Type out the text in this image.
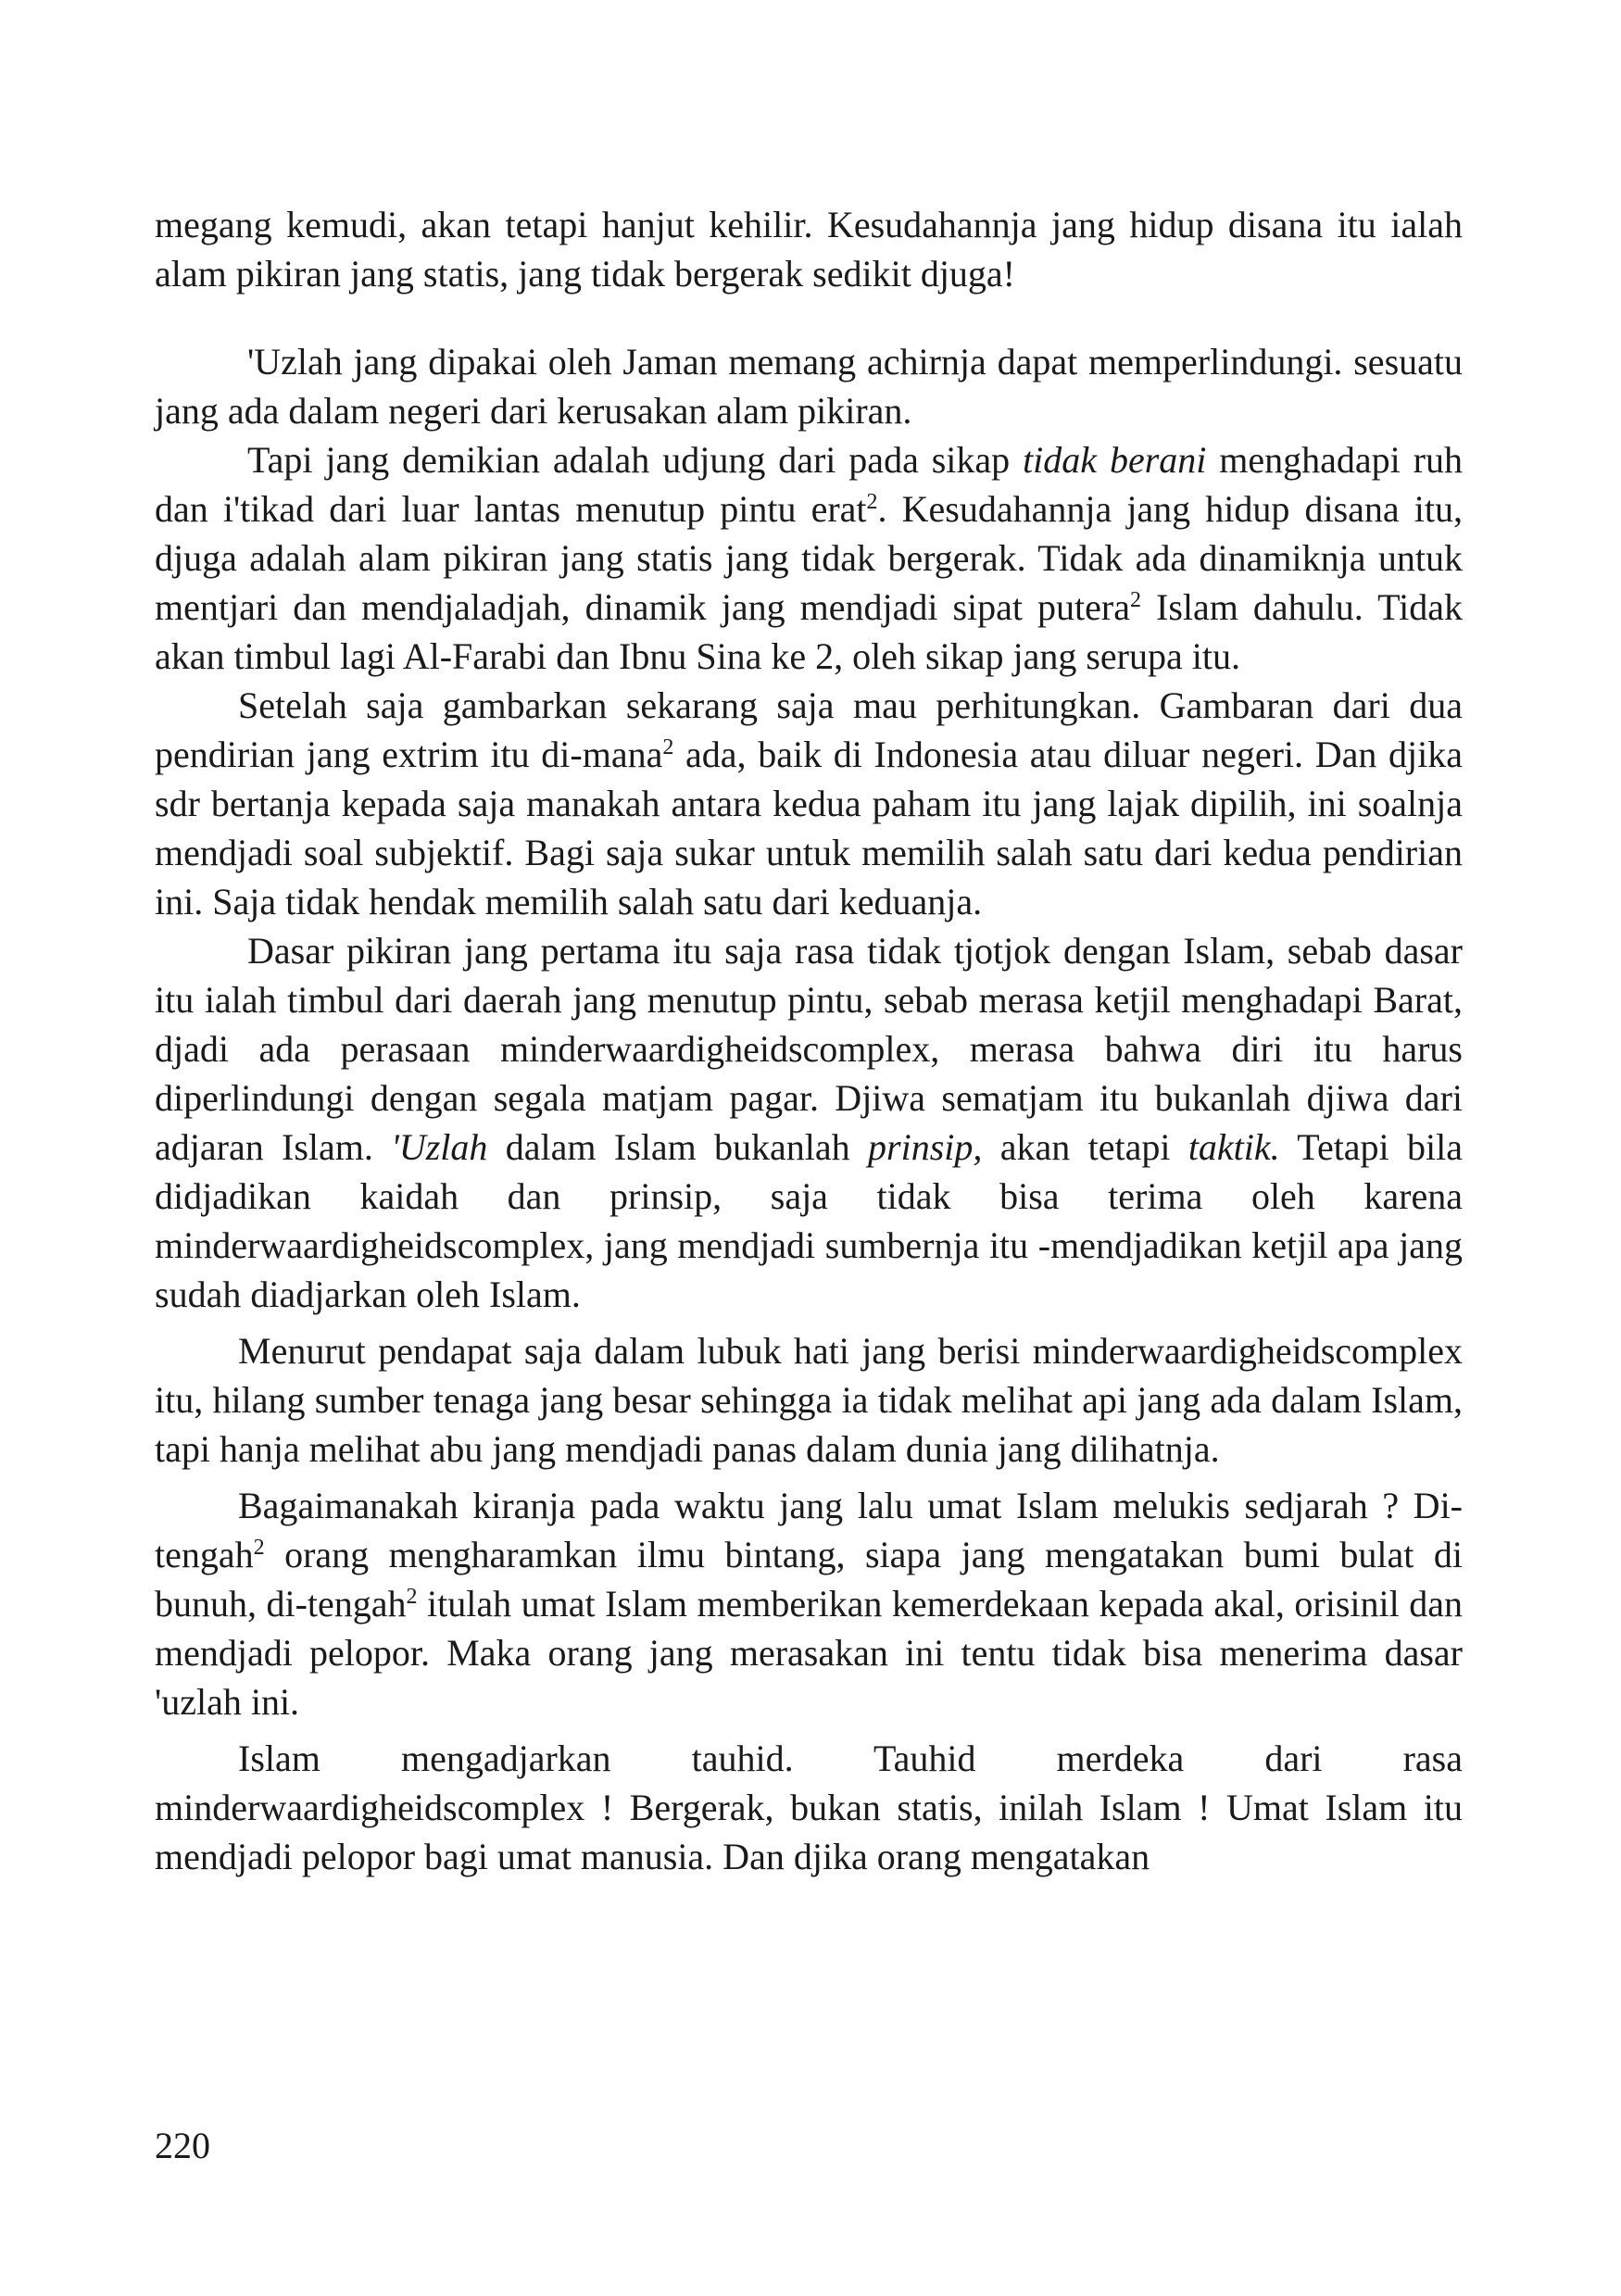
megang kemudi, akan tetapi hanjut kehilir. Kesudahannja jang hidup disana itu ialah alam pikiran jang statis, jang tidak bergerak sedikit djuga!

'Uzlah jang dipakai oleh Jaman memang achirnja dapat memperlindungi. sesuatu jang ada dalam negeri dari kerusakan alam pikiran.

Tapi jang demikian adalah udjung dari pada sikap tidak berani menghadapi ruh dan i'tikad dari luar lantas menutup pintu erat$^2$. Kesudahannja jang hidup disana itu, djuga adalah alam pikiran jang statis jang tidak bergerak. Tidak ada dinamiknja untuk mentjari dan mendjaladjah, dinamik jang mendjadi sipat putera$^2$ Islam dahulu. Tidak akan timbul lagi Al-Farabi dan Ibnu Sina ke 2, oleh sikap jang serupa itu.

Setelah saja gambarkan sekarang saja mau perhitungkan. Gambaran dari dua pendirian jang extrim itu di-mana$^2$ ada, baik di Indonesia atau diluar negeri. Dan djika sdr bertanja kepada saja manakah antara kedua paham itu jang lajak dipilih, ini soalnja mendjadi soal subjektif. Bagi saja sukar untuk memilih salah satu dari kedua pendirian ini. Saja tidak hendak memilih salah satu dari keduanja.

Dasar pikiran jang pertama itu saja rasa tidak tjotjok dengan Islam, sebab dasar itu ialah timbul dari daerah jang menutup pintu, sebab merasa ketjil menghadapi Barat, djadi ada perasaan minderwaardigheidscomplex, merasa bahwa diri itu harus diperlindungi dengan segala matjam pagar. Djiwa sematjam itu bukanlah djiwa dari adjaran Islam. 'Uzlah dalam Islam bukanlah prinsip, akan tetapi taktik. Tetapi bila didjadikan kaidah dan prinsip, saja tidak bisa terima oleh karena minderwaardigheidscomplex, jang mendjadi sumbernja itu -mendjadikan ketjil apa jang sudah diadjarkan oleh Islam.

Menurut pendapat saja dalam lubuk hati jang berisi minderwaardigheidscomplex itu, hilang sumber tenaga jang besar sehingga ia tidak melihat api jang ada dalam Islam, tapi hanja melihat abu jang mendjadi panas dalam dunia jang dilihatnja.

Bagaimanakah kiranja pada waktu jang lalu umat Islam melukis sedjarah ? Di-tengah$^2$ orang mengharamkan ilmu bintang, siapa jang mengatakan bumi bulat di bunuh, di-tengah$^2$ itulah umat Islam memberikan kemerdekaan kepada akal, orisinil dan mendjadi pelopor. Maka orang jang merasakan ini tentu tidak bisa menerima dasar 'uzlah ini.

Islam mengadjarkan tauhid. Tauhid merdeka dari rasa minderwaardigheidscomplex ! Bergerak, bukan statis, inilah Islam ! Umat Islam itu mendjadi pelopor bagi umat manusia. Dan djika orang mengatakan

220
